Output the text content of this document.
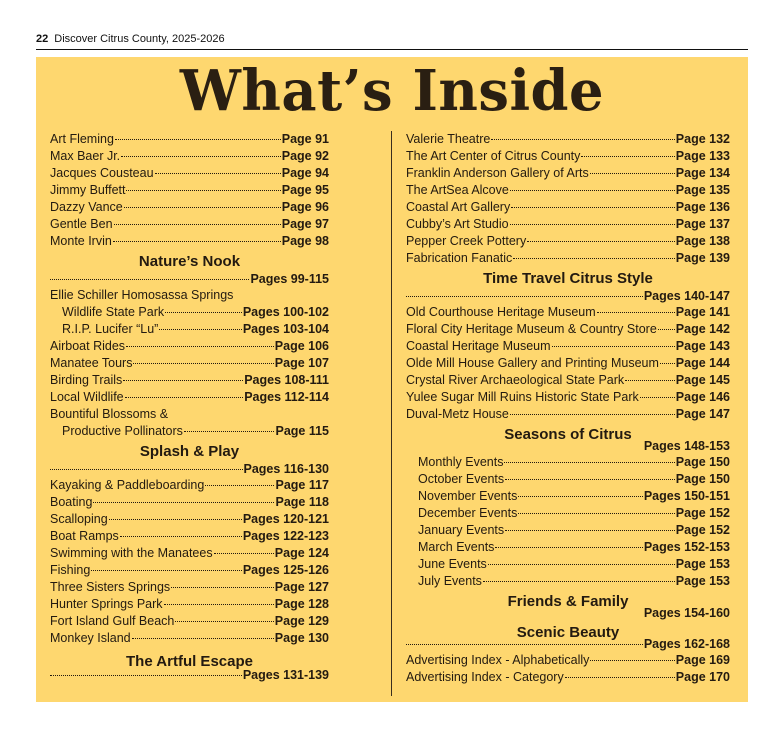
22 Discover Citrus County, 2025-2026
What’s Inside
Art Fleming	Page 91
Max Baer Jr.	Page 92
Jacques Cousteau	Page 94
Jimmy Buffett	Page 95
Dazzy Vance	Page 96
Gentle Ben	Page 97
Monte Irvin	Page 98
Nature’s Nook
Pages 99-115
Ellie Schiller Homosassa Springs
Wildlife State Park	Pages 100-102
R.I.P. Lucifer “Lu”	Pages 103-104
Airboat Rides	Page 106
Manatee Tours	Page 107
Birding Trails	Pages 108-111
Local Wildlife	Pages 112-114
Bountiful Blossoms &
Productive Pollinators	Page 115
Splash & Play
Pages 116-130
Kayaking & Paddleboarding	Page 117
Boating	Page 118
Scalloping	Pages 120-121
Boat Ramps	Pages 122-123
Swimming with the Manatees	Page 124
Fishing	Pages 125-126
Three Sisters Springs	Page 127
Hunter Springs Park	Page 128
Fort Island Gulf Beach	Page 129
Monkey Island	Page 130
The Artful Escape
Pages 131-139
Valerie Theatre	Page 132
The Art Center of Citrus County	Page 133
Franklin Anderson Gallery of Arts	Page 134
The ArtSea Alcove	Page 135
Coastal Art Gallery	Page 136
Cubby’s Art Studio	Page 137
Pepper Creek Pottery	Page 138
Fabrication Fanatic	Page 139
Time Travel Citrus Style
Pages 140-147
Old Courthouse Heritage Museum	Page 141
Floral City Heritage Museum & Country Store Page 142
Coastal Heritage Museum	Page 143
Olde Mill House Gallery and Printing Museum Page 144
Crystal River Archaeological State Park	Page 145
Yulee Sugar Mill Ruins Historic State Park	Page 146
Duval-Metz House	Page 147
Seasons of Citrus
Pages 148-153
Monthly Events	Page 150
October Events	Page 150
November Events	Pages 150-151
December Events	Page 152
January Events	Page 152
March Events	Pages 152-153
June Events	Page 153
July Events	Page 153
Friends & Family
Pages 154-160
Scenic Beauty
Pages 162-168
Advertising Index - Alphabetically	Page 169
Advertising Index - Category	Page 170
